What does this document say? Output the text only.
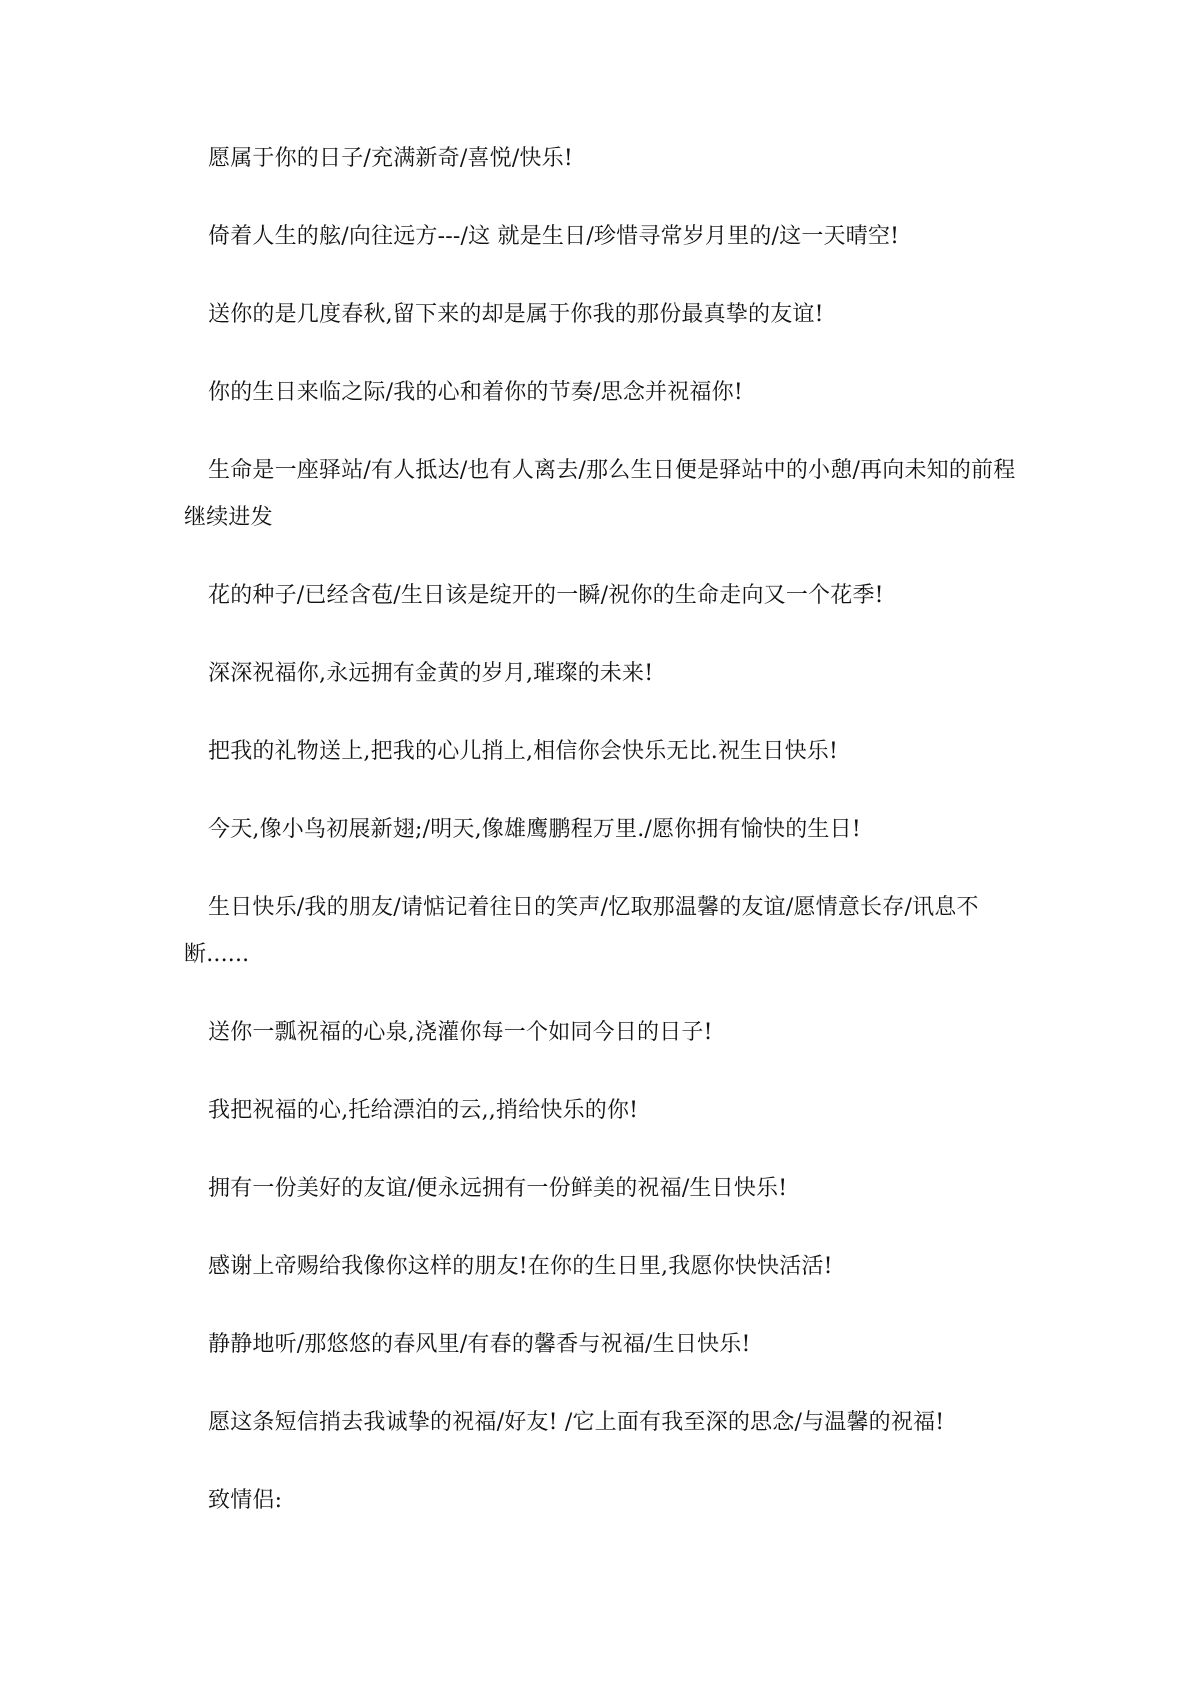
愿属于你的日子/充满新奇/喜悦/快乐!

倚着人生的舷/向往远方---/这 就是生日/珍惜寻常岁月里的/这一天晴空!

送你的是几度春秋,留下来的却是属于你我的那份最真挚的友谊!

你的生日来临之际/我的心和着你的节奏/思念并祝福你!

生命是一座驿站/有人抵达/也有人离去/那么生日便是驿站中的小憩/再向未知的前程继续进发

花的种子/已经含苞/生日该是绽开的一瞬/祝你的生命走向又一个花季!

深深祝福你,永远拥有金黄的岁月,璀璨的未来!

把我的礼物送上,把我的心儿捎上,相信你会快乐无比.祝生日快乐!

今天,像小鸟初展新翅;/明天,像雄鹰鹏程万里./愿你拥有愉快的生日!

生日快乐/我的朋友/请惦记着往日的笑声/忆取那温馨的友谊/愿情意长存/讯息不断......

送你一瓢祝福的心泉,浇灌你每一个如同今日的日子!

我把祝福的心,托给漂泊的云,,捎给快乐的你!

拥有一份美好的友谊/便永远拥有一份鲜美的祝福/生日快乐!

感谢上帝赐给我像你这样的朋友!在你的生日里,我愿你快快活活!

静静地听/那悠悠的春风里/有春的馨香与祝福/生日快乐!

愿这条短信捎去我诚挚的祝福/好友! /它上面有我至深的思念/与温馨的祝福!

致情侣:
